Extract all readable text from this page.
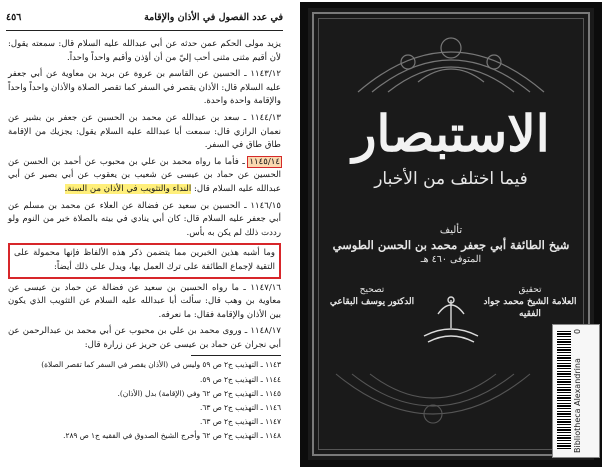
في عدد الفصول في الأذان والإقامة
٤٥٦

يزيد مولى الحكم عمن حدثه عن أبي عبدالله عليه السلام قال: سمعته يقول: لأن أقيم مثنى مثنى أحب إليّ من أن أؤذن وأقيم واحداً واحداً.

١١٤٣/١٢ ـ الحسين عن القاسم بن عروة عن بريد بن معاوية عن أبي جعفر عليه السلام قال: الأذان يقصر في السفر كما تقصر الصلاة والأذان واحداً واحداً والإقامة واحدة واحدة.

١١٤٤/١٣ ـ سعد بن عبدالله عن محمد بن الحسين عن جعفر بن بشير عن نعمان الرازي قال: سمعت أبا عبدالله عليه السلام يقول: يجزيك من الإقامة طاق طاق في السفر.

١١٤٥/١٤ ـ فأما ما رواه محمد بن علي بن محبوب عن أحمد بن الحسن عن الحسين عن حماد بن عيسى عن شعيب بن يعقوب عن أبي بصير عن أبي عبدالله عليه السلام قال: النداء والتثويب في الأذان من السنة.

١١٤٦/١٥ ـ الحسين بن سعيد عن فضالة عن العلاء عن محمد بن مسلم عن أبي جعفر عليه السلام قال: كان أبي ينادي في بيته بالصلاة خير من النوم ولو رددت ذلك لم يكن به بأس.

وما أشبه هذين الخبرين مما يتضمن ذكر هذه الألفاظ فإنها محمولة على التقية لإجماع الطائفة على ترك العمل بها، ويدل على ذلك أيضاً:

١١٤٧/١٦ ـ ما رواه الحسين بن سعيد عن فضالة عن حماد بن عيسى عن معاوية بن وهب قال: سألت أبا عبدالله عليه السلام عن التثويب الذي يكون بين الأذان والإقامة فقال: ما نعرفه.

١١٤٨/١٧ ـ وروى محمد بن علي بن محبوب عن أبي محمد بن عبدالرحمن عن أبي نجران عن حماد بن عيسى عن حريز عن زرارة قال:

١١٤٣ ـ التهذيب ج٢ ص ٥٩ وليس في (الأذان يقصر في السفر كما تقصر الصلاة)

١١٤٤ ـ التهذيب ج٢ ص ٥٩.

١١٤٥ ـ التهذيب ج٢ ص ٦٢ وفي (الإقامة) بدل (الأذان).

١١٤٦ ـ التهذيب ج٢ ص ٦٣.

١١٤٧ ـ التهذيب ج٢ ص ٦٣.

١١٤٨ ـ التهذيب ج٢ ص ٦٢ وأخرج الشيخ الصدوق في الفقيه ج١ ص ٢٨٩.

الاستبصار
فيما اختلف من الأخبار
تأليف
شيخ الطائفة أبي جعفر محمد بن الحسن الطوسي
المتوفى ٤٦٠ هـ
تحقيق
العلامة الشيخ محمد جواد الفقيه
تصحيح
الدكتور يوسف البقاعي
Bibliotheca Alexandrina
0
